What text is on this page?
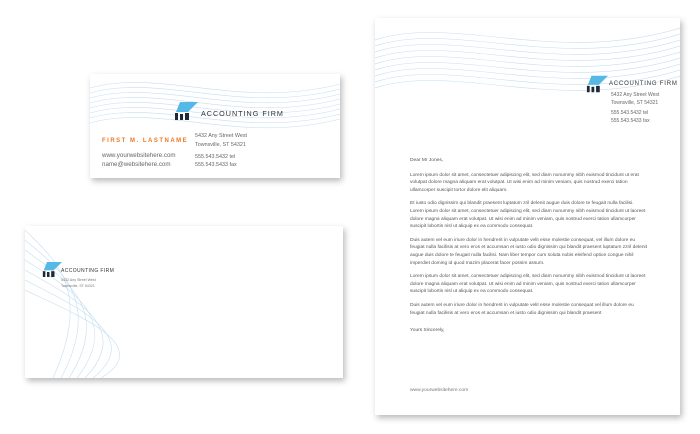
ACCOUNTING FIRM
FIRST M. LASTNAME
www.yourwebsitehere.com
name@websitehere.com
5432 Any Street West
Townsville, ST 54321
555.543.5432 tel
555.543.5433 fax
ACCOUNTING FIRM
5432 Any Street West
Townsville, ST 54321
ACCOUNTING FIRM
5432 Any Street West
Townsville, ST 54321
555.543.5432 tel
555.543.5433 fax

Dear Mr Jones,

Lorem ipsum dolor sit amet, consectetuer adipiscing elit, sed diam nonummy nibh euismod tincidunt ut erat volutpat dolore magna aliquam erat volutpat. Ut wisi enim ad minim veniam, quis nostrud exerci tation ullamcorper suscipit tortor dolore elit aliquam.

Et iusto odio dignissim qui blandit praesent luptatum zril delenit augue duis dolore te feugait nulla facilisi. Lorem ipsum dolor sit amet, consectetuer adipiscing elit, sed diam nonummy nibh euismod tincidunt ut laoreet dolore magna aliquam erat volutpat. Ut wisi enim ad minim veniam, quis nostrud exerci tation ullamcorper suscipit lobortis nisl ut aliquip ex ea commodo consequat.

Duis autem vel eum iriure dolor in hendrerit in vulputate velit esse molestie consequat, vel illum dolore eu feugiat nulla facilisis at vero eros et accumsan et iusto odio dignissim qui blandit praesent luptatum zzril delenit augue duis dolore te feugait nulla facilisi. Nam liber tempor cum soluta nobis eleifend option congue nihil imperdiet doming id quod mazim placerat facer possim assum.

Lorem ipsum dolor sit amet, consectetuer adipiscing elit, sed diam nonummy nibh euismod tincidunt ut laoreet dolore magna aliquam erat volutpat. Ut wisi enim ad minim veniam, quis nostrud exerci tation ullamcorper suscipit lobortis nisl ut aliquip ex ea commodo consequat.

Duis autem vel eum iriure dolor in hendrerit in vulputate velit esse molestie consequat vel illum dolore eu feugiat nulla facilisis at vero eros et accumsan et iusto odio dignissim qui blandit praesent

Yours Sincerely,

www.yourwebsitehere.com
